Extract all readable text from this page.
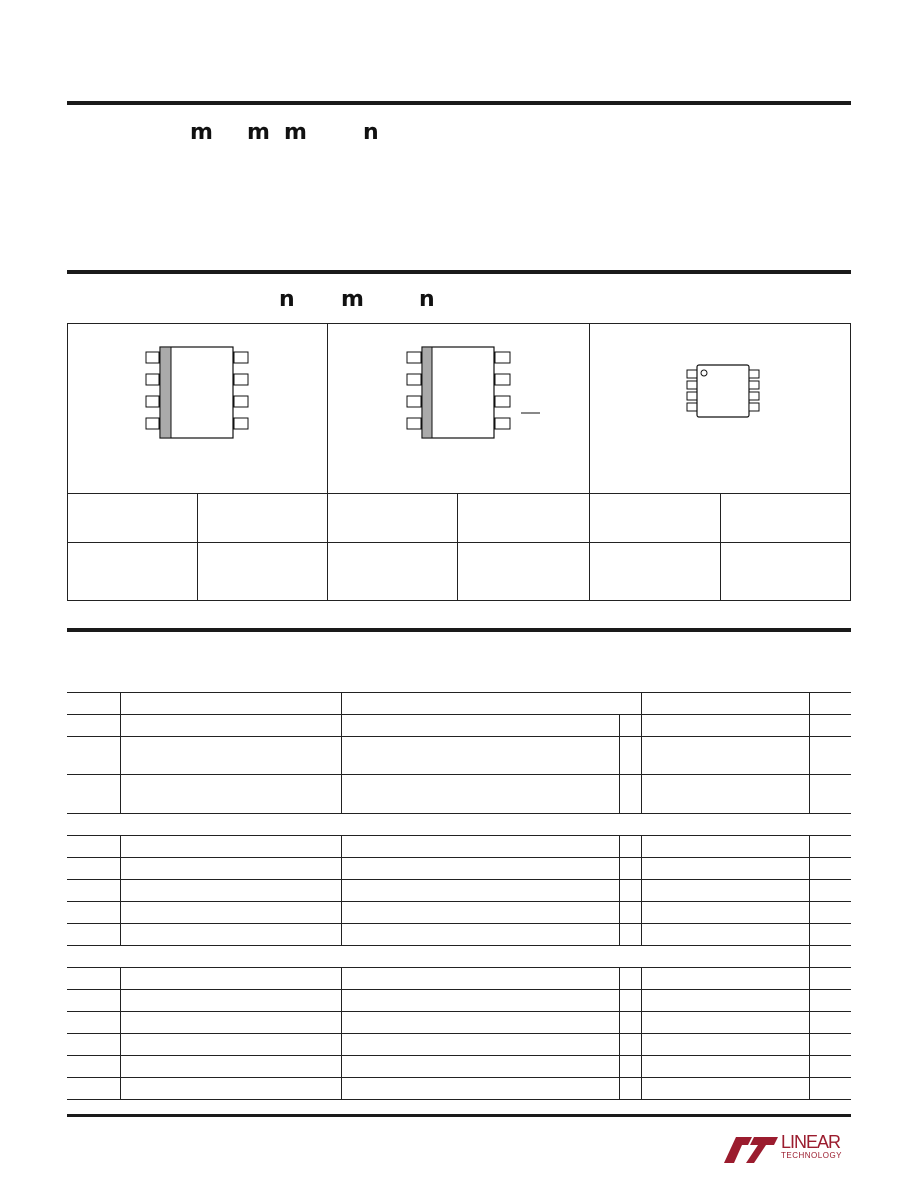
m m m	n
n m	n
LINEAR
TECHNOLOGY
